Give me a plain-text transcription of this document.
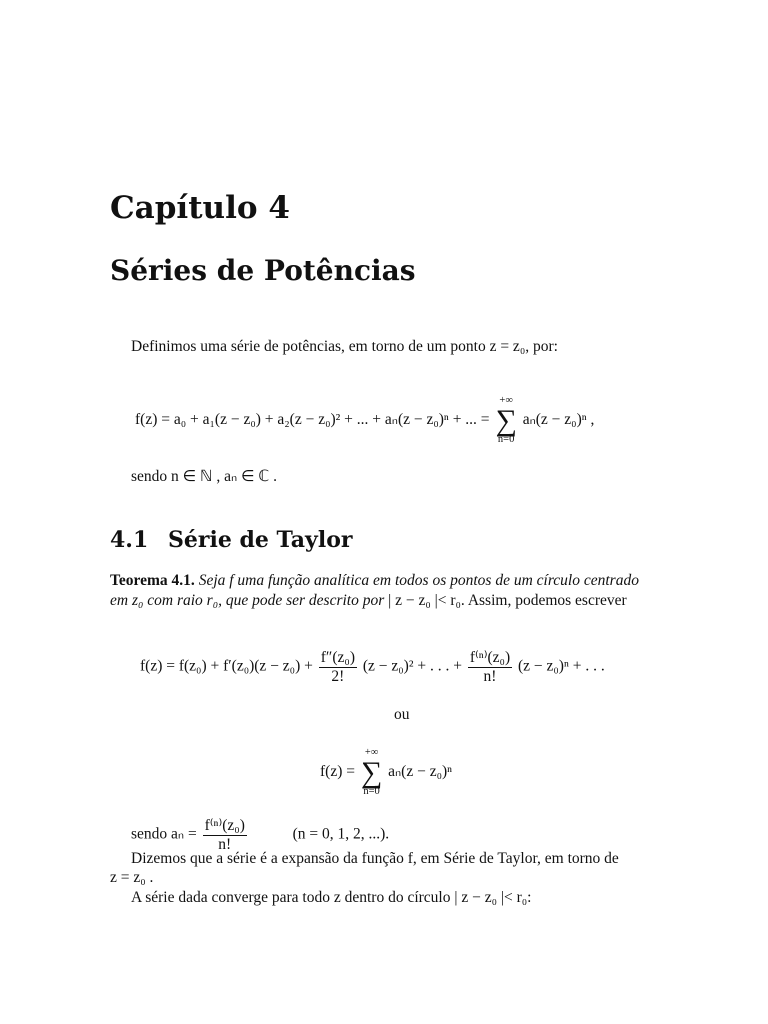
Capítulo 4
Séries de Potências
Definimos uma série de potências, em torno de um ponto z = z₀, por:
f(z) = a₀ + a₁(z − z₀) + a₂(z − z₀)² + ... + aₙ(z − z₀)ⁿ + ... =
+∞
∑
n=0
aₙ(z − z₀)ⁿ ,
sendo n ∈ ℕ , aₙ ∈ ℂ .
4.1 Série de Taylor
Teorema 4.1. Seja f uma função analítica em todos os pontos de um círculo centrado
em z₀ com raio r₀, que pode ser descrito por | z − z₀ |< r₀. Assim, podemos escrever
$f(z) = f(z_0) + f'(z_0)(z - z_0) + \frac{\text{f″(z₀)}}{2!} (z - z_0)^2$ + . . . + $\frac{\text{f⁽ⁿ⁾(z₀)}}{n!} (z - z_0)^n$ + . . .
ou
f(z) =
+∞
∑
n=0
aₙ(z − z₀)ⁿ
sendo $a_n = \frac{\text{f⁽ⁿ⁾(z₀)}}{n!}$	(n = 0, 1, 2, ...).
Dizemos que a série é a expansão da função f, em Série de Taylor, em torno de
z = z₀ .
A série dada converge para todo z dentro do círculo | z − z₀ |< r₀:
